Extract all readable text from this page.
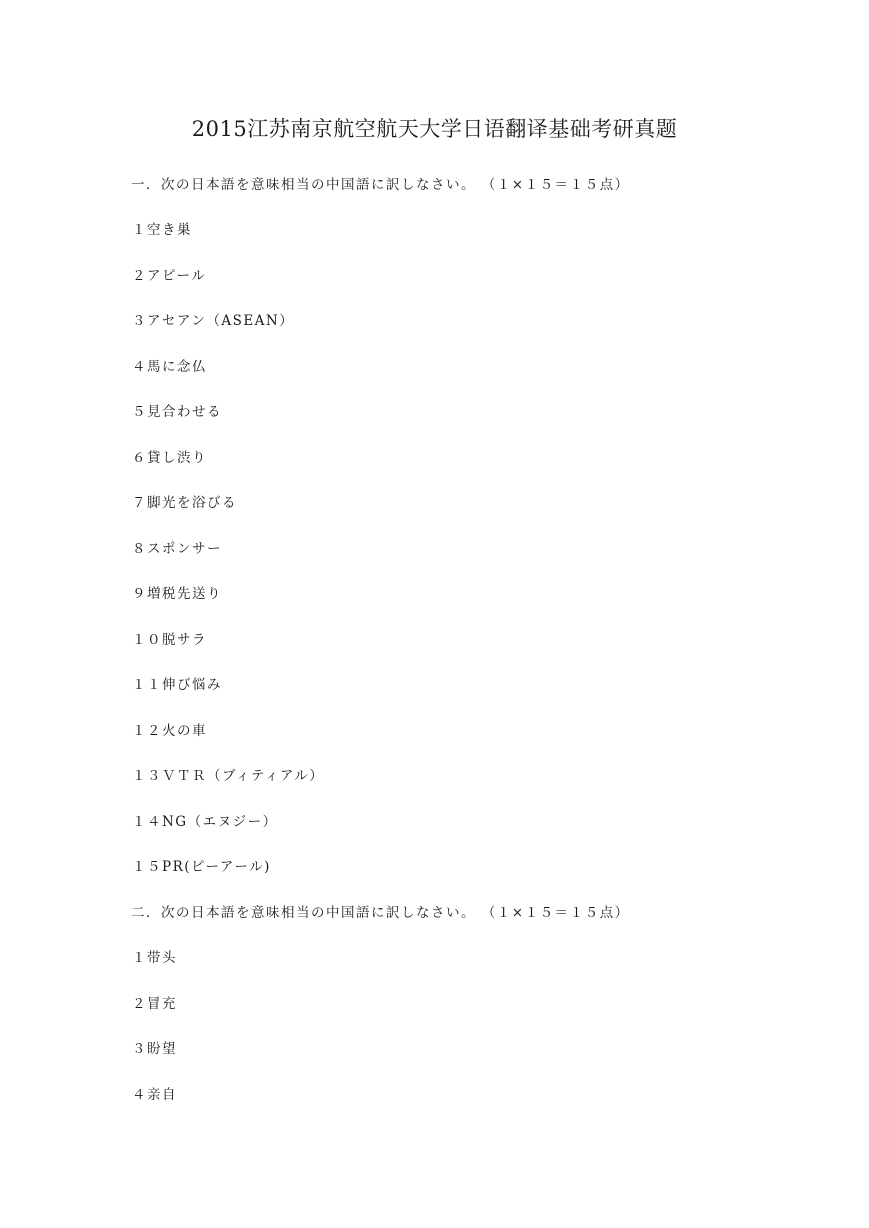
2015江苏南京航空航天大学日语翻译基础考研真题

一．次の日本語を意味相当の中国語に訳しなさい。 （１×１５＝１５点）

１空き巣

２アピール

３アセアン（ASEAN）

４馬に念仏

５見合わせる

６貸し渋り

７脚光を浴びる

８スポンサー

９増税先送り

１０脱サラ

１１伸び悩み

１２火の車

１３ＶＴＲ（ブィティアル）

１４NG（エヌジー）

１５PR(ピーアール)

二．次の日本語を意味相当の中国語に訳しなさい。 （１×１５＝１５点）

１带头

２冒充

３盼望

４亲自
